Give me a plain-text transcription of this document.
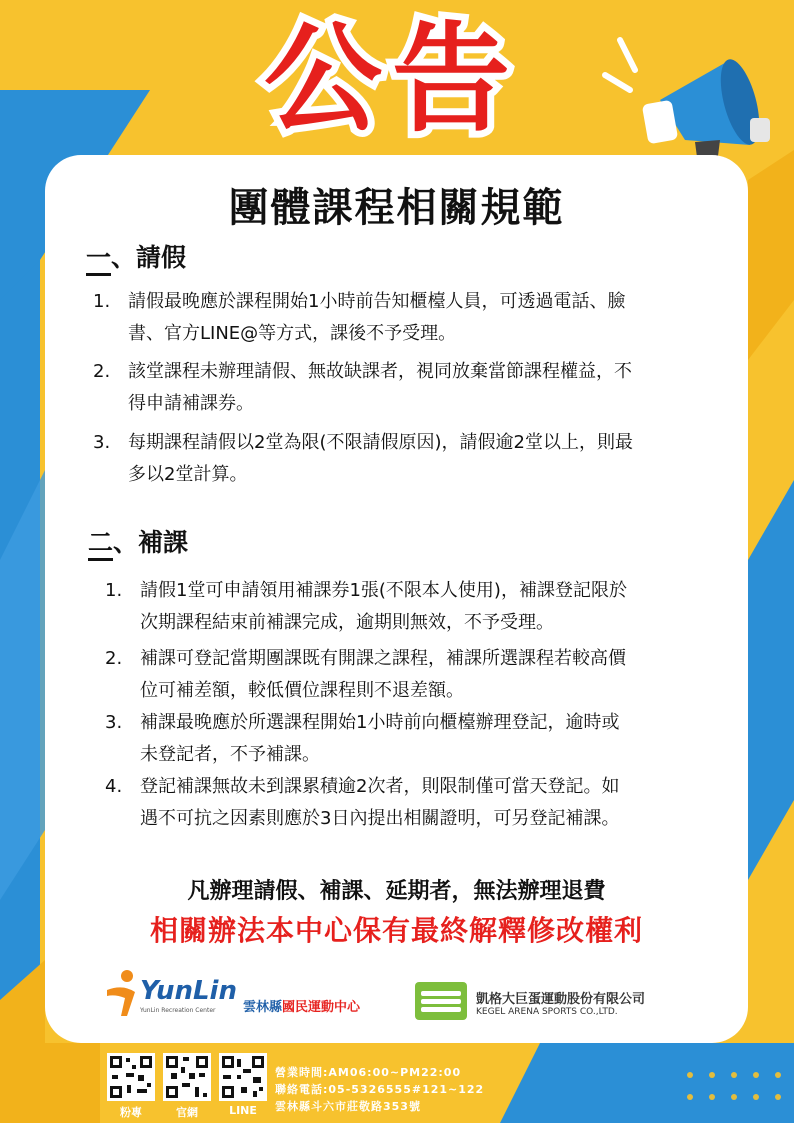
公告
團體課程相關規範
一、請假
1. 請假最晚應於課程開始1小時前告知櫃檯人員，可透過電話、臉
書、官方LINE@等方式，課後不予受理。
2. 該堂課程未辦理請假、無故缺課者，視同放棄當節課程權益，不
得申請補課券。
3. 每期課程請假以2堂為限(不限請假原因)，請假逾2堂以上，則最
多以2堂計算。
二、補課
1. 請假1堂可申請領用補課券1張(不限本人使用)，補課登記限於
次期課程結束前補課完成，逾期則無效，不予受理。
2. 補課可登記當期團課既有開課之課程，補課所選課程若較高價
位可補差額，較低價位課程則不退差額。
3. 補課最晚應於所選課程開始1小時前向櫃檯辦理登記，逾時或
未登記者，不予補課。
4. 登記補課無故未到課累積逾2次者，則限制僅可當天登記。如
遇不可抗之因素則應於3日內提出相關證明，可另登記補課。
凡辦理請假、補課、延期者，無法辦理退費
相關辦法本中心保有最終解釋修改權利
YunLin
YunLin Recreation Center 雲林縣國民運動中心
凱格大巨蛋運動股份有限公司
KEGEL ARENA SPORTS CO.,LTD.
粉專	官網	LINE
營業時間:AM06:00~PM22:00
聯絡電話:05-5326555#121~122
雲林縣斗六市莊敬路353號
